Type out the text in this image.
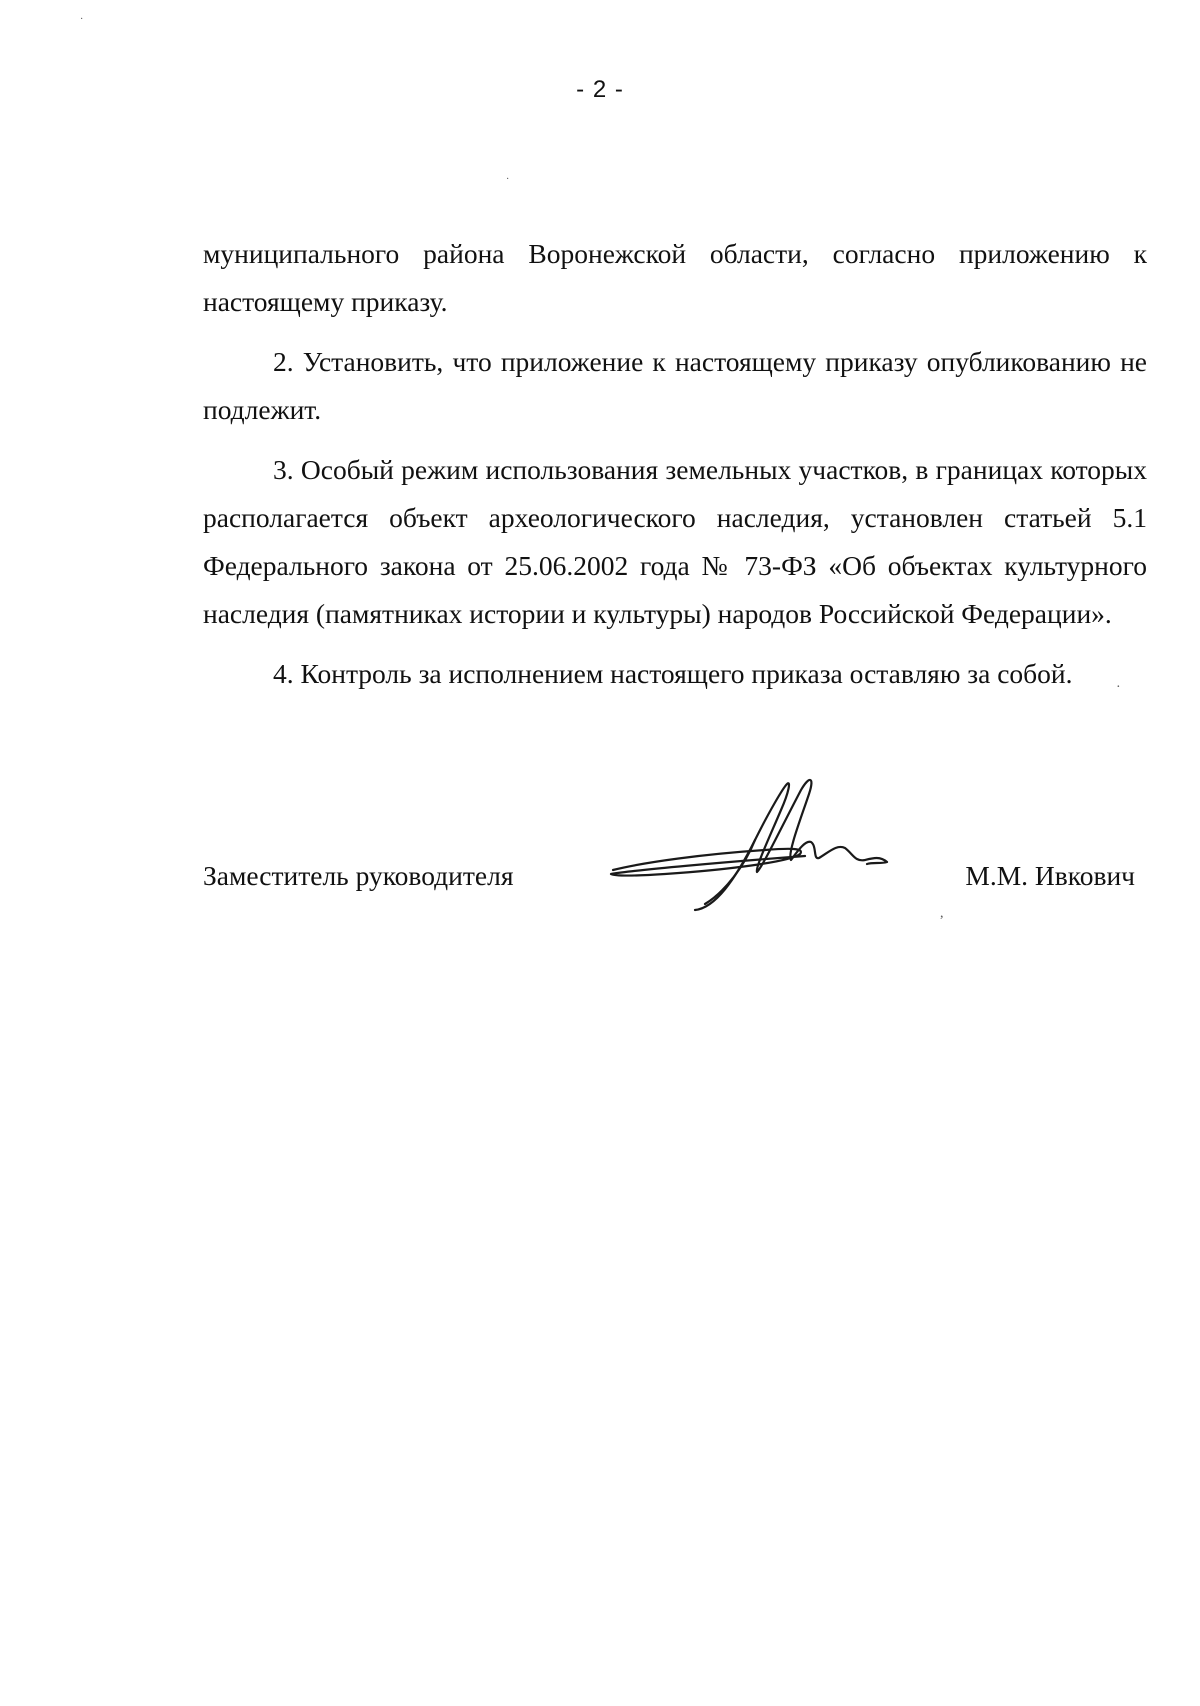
- 2 -

муниципального района Воронежской области, согласно приложению к настоящему приказу.

2. Установить, что приложение к настоящему приказу опубликованию не подлежит.

3. Особый режим использования земельных участков, в границах которых располагается объект археологического наследия, установлен статьей 5.1 Федерального закона от 25.06.2002 года № 73-ФЗ «Об объектах культурного наследия (памятниках истории и культуры) народов Российской Федерации».

4. Контроль за исполнением настоящего приказа оставляю за собой.

Заместитель руководителя	М.М. Ивкович
·
·
·
,
